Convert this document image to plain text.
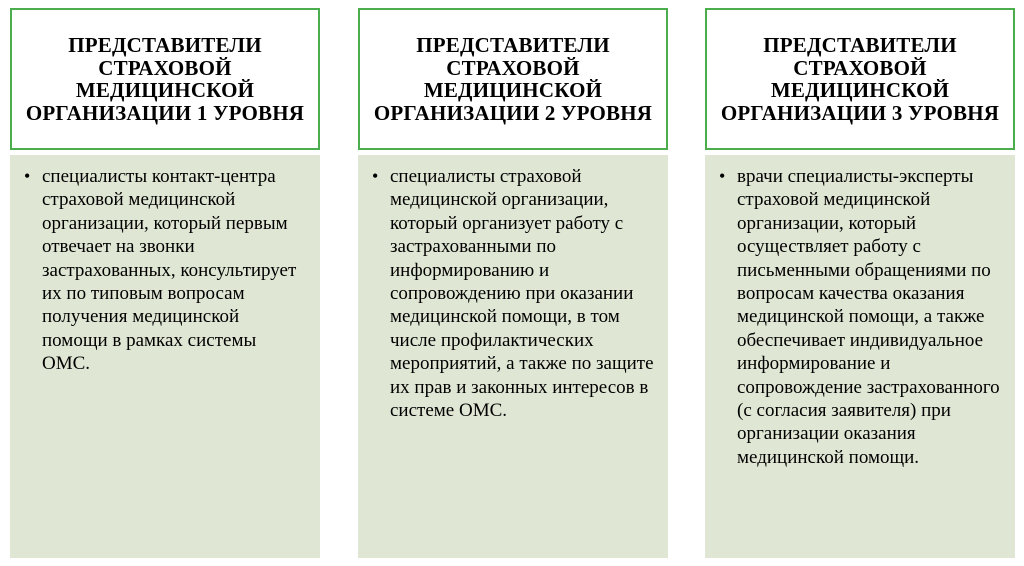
ПРЕДСТАВИТЕЛИ СТРАХОВОЙ МЕДИЦИНСКОЙ ОРГАНИЗАЦИИ 1 УРОВНЯ
• специалисты контакт-центра страховой медицинской организации, который первым отвечает на звонки застрахованных, консультирует их по типовым вопросам получения медицинской помощи в рамках системы ОМС.
ПРЕДСТАВИТЕЛИ СТРАХОВОЙ МЕДИЦИНСКОЙ ОРГАНИЗАЦИИ 2 УРОВНЯ
• специалисты страховой медицинской организации, который организует работу с застрахованными по информированию и сопровождению при оказании медицинской помощи, в том числе профилактических мероприятий, а также по защите их прав и законных интересов в системе ОМС.
ПРЕДСТАВИТЕЛИ СТРАХОВОЙ МЕДИЦИНСКОЙ ОРГАНИЗАЦИИ 3 УРОВНЯ
• врачи специалисты-эксперты страховой медицинской организации, который осуществляет работу с письменными обращениями по вопросам качества оказания медицинской помощи, а также обеспечивает индивидуальное информирование и сопровождение застрахованного (с согласия заявителя) при организации оказания медицинской помощи.
